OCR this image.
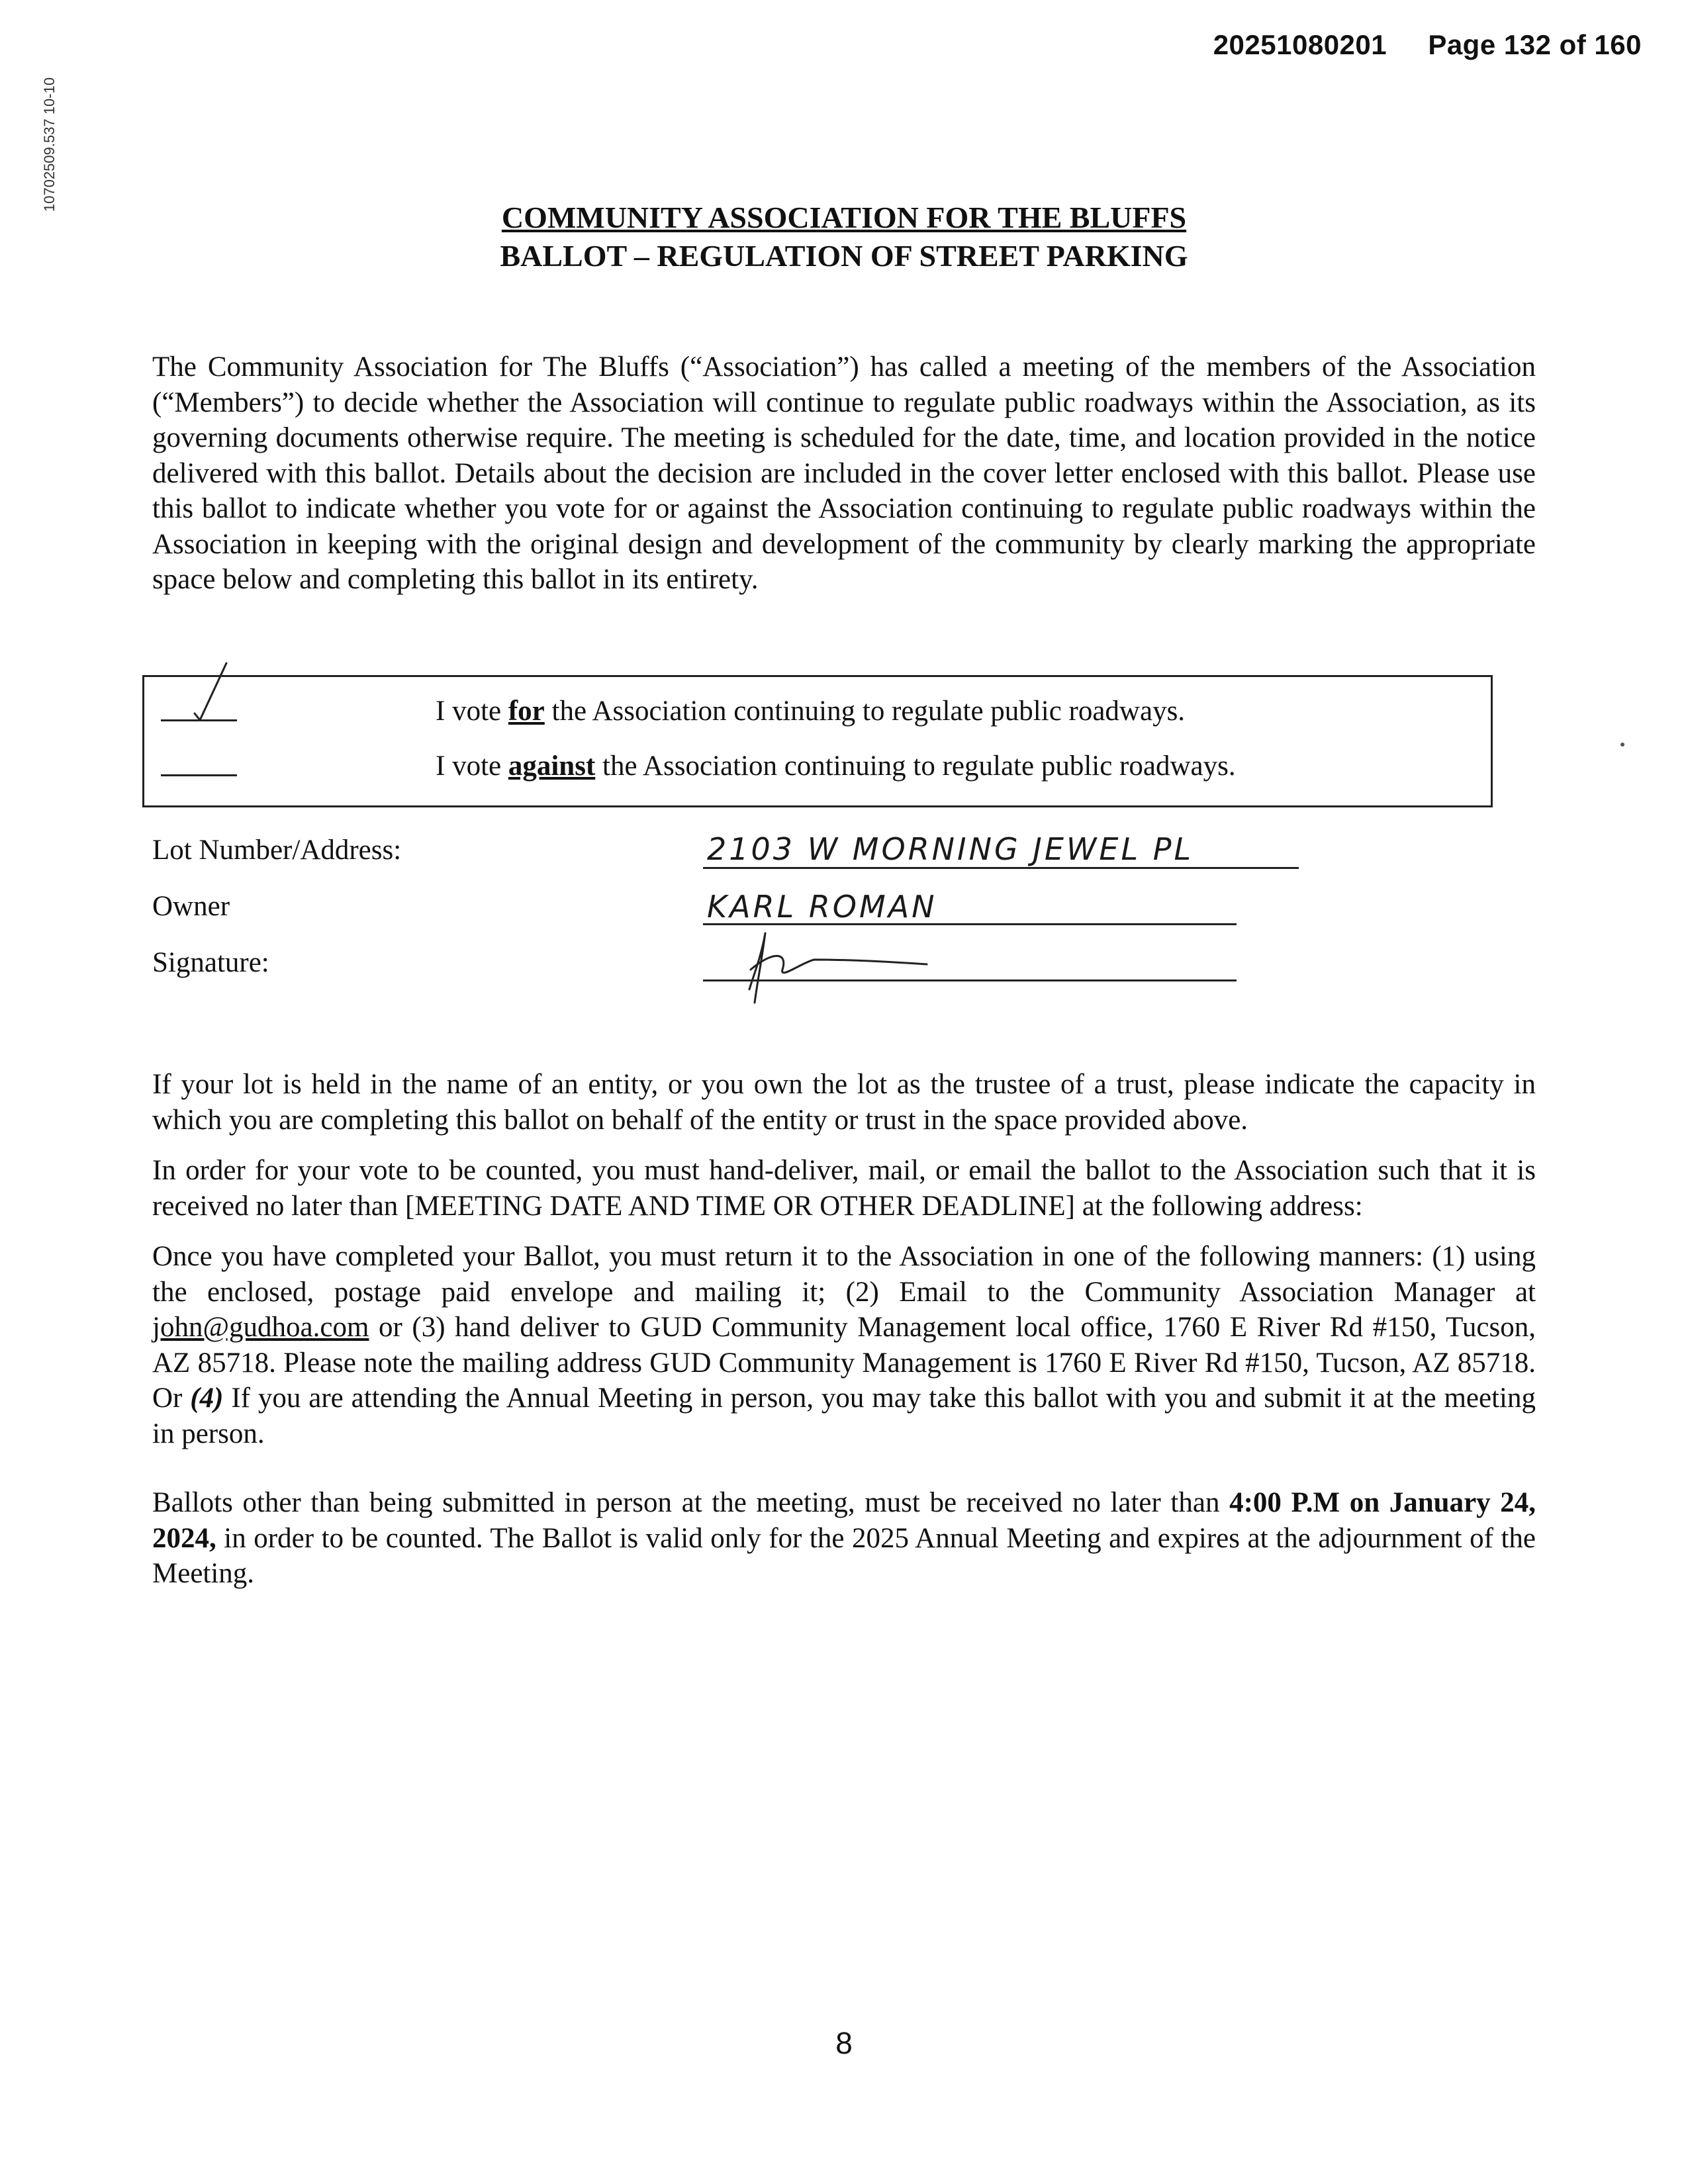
10702509.537 10-10
20251080201 Page 132 of 160
COMMUNITY ASSOCIATION FOR THE BLUFFS
BALLOT – REGULATION OF STREET PARKING
The Community Association for The Bluffs (“Association”) has called a meeting of the members of the Association (“Members”) to decide whether the Association will continue to regulate public roadways within the Association, as its governing documents otherwise require. The meeting is scheduled for the date, time, and location provided in the notice delivered with this ballot. Details about the decision are included in the cover letter enclosed with this ballot. Please use this ballot to indicate whether you vote for or against the Association continuing to regulate public roadways within the Association in keeping with the original design and development of the community by clearly marking the appropriate space below and completing this ballot in its entirety.
I vote for the Association continuing to regulate public roadways.
I vote against the Association continuing to regulate public roadways.
Lot Number/Address:	2103 W MORNING JEWEL PL
Owner	KARL ROMAN
Signature:
If your lot is held in the name of an entity, or you own the lot as the trustee of a trust, please indicate the capacity in which you are completing this ballot on behalf of the entity or trust in the space provided above.
In order for your vote to be counted, you must hand-deliver, mail, or email the ballot to the Association such that it is received no later than [MEETING DATE AND TIME OR OTHER DEADLINE] at the following address:
Once you have completed your Ballot, you must return it to the Association in one of the following manners: (1) using the enclosed, postage paid envelope and mailing it; (2) Email to the Community Association Manager at john@gudhoa.com or (3) hand deliver to GUD Community Management local office, 1760 E River Rd #150, Tucson, AZ 85718. Please note the mailing address GUD Community Management is 1760 E River Rd #150, Tucson, AZ 85718. Or (4) If you are attending the Annual Meeting in person, you may take this ballot with you and submit it at the meeting in person.
Ballots other than being submitted in person at the meeting, must be received no later than 4:00 P.M on January 24, 2024, in order to be counted. The Ballot is valid only for the 2025 Annual Meeting and expires at the adjournment of the Meeting.
8
